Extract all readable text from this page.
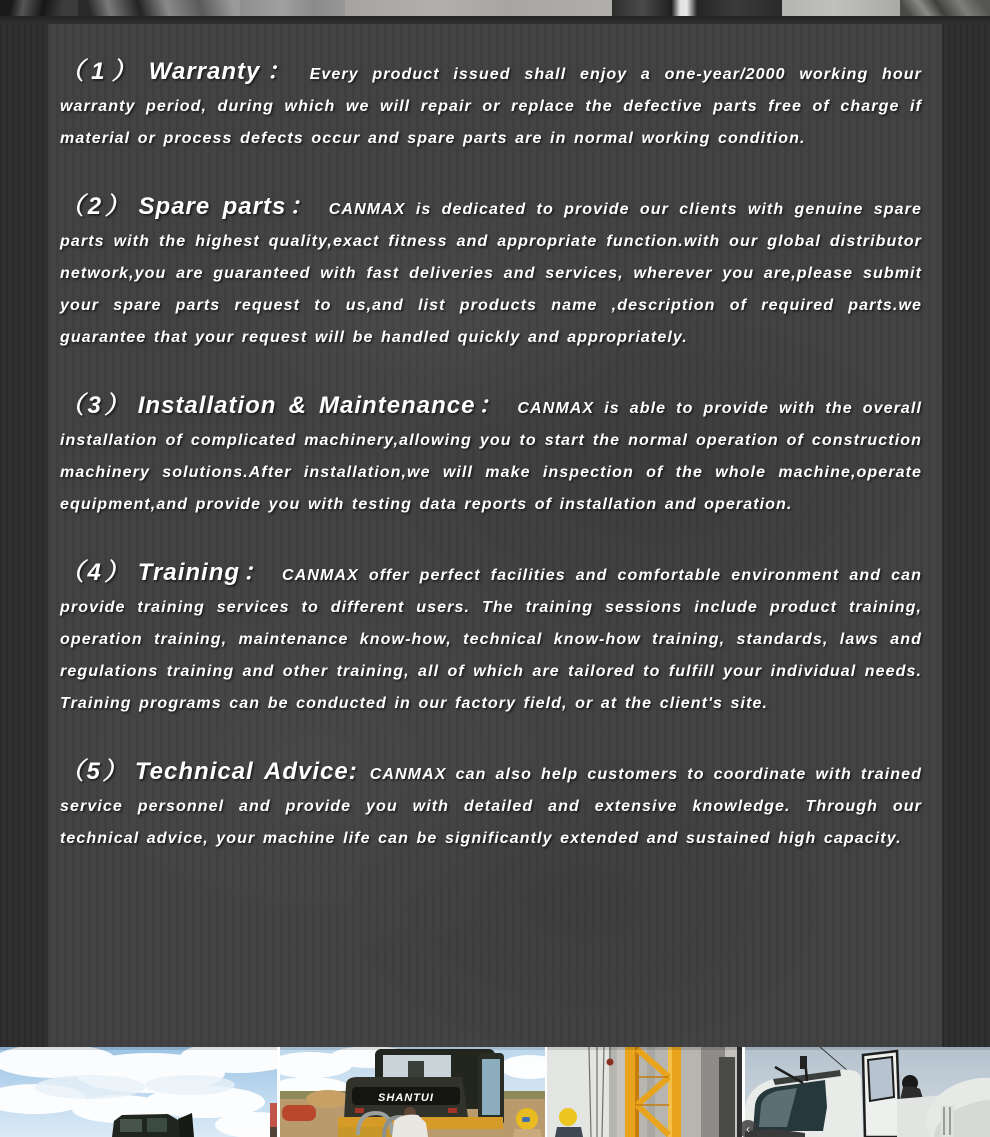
（1） Warranty： Every product issued shall enjoy a one-year/2000 working hour warranty period, during which we will repair or replace the defective parts free of charge if material or process defects occur and spare parts are in normal working condition.

（2） Spare parts： CANMAX is dedicated to provide our clients with genuine spare parts with the highest quality,exact fitness and appropriate function.with our global distributor network,you are guaranteed with fast deliveries and services, wherever you are,please submit your spare parts request to us,and list products name ,description of required parts.we guarantee that your request will be handled quickly and appropriately.

（3） Installation & Maintenance： CANMAX is able to provide with the overall installation of complicated machinery,allowing you to start the normal operation of construction machinery solutions.After installation,we will make inspection of the whole machine,operate equipment,and provide you with testing data reports of installation and operation.

（4） Training： CANMAX offer perfect facilities and comfortable environment and can provide training services to different users. The training sessions include product training, operation training, maintenance know-how, technical know-how training, standards, laws and regulations training and other training, all of which are tailored to fulfill your individual needs. Training programs can be conducted in our factory field, or at the client's site.

（5） Technical Advice: CANMAX can also help customers to coordinate with trained service personnel and provide you with detailed and extensive knowledge. Through our technical advice, your machine life can be significantly extended and sustained high capacity.

SHANTUI
‹
